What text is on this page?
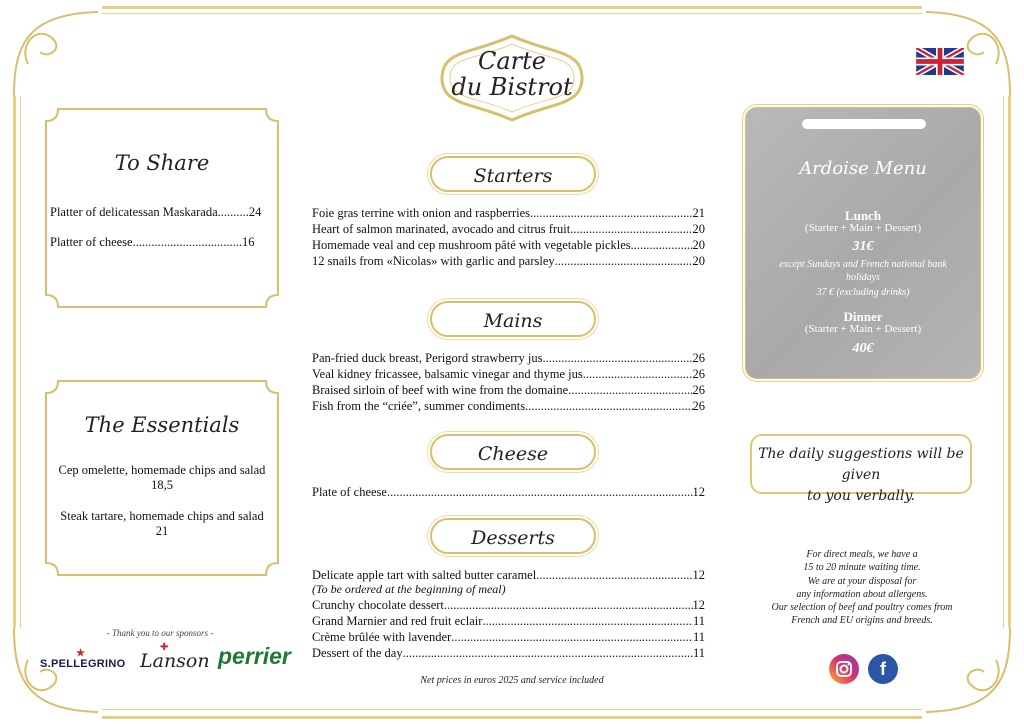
Carte
du Bistrot
To Share
Platter of delicatessan Maskarada..........24
Platter of cheese...................................16
The Essentials
Cep omelette, homemade chips and salad
18,5
Steak tartare, homemade chips and salad
21
Starters
Foie gras terrine with onion and raspberries .....	21
Heart of salmon marinated, avocado and citrus fruit .....	20
Homemade veal and cep mushroom pâté with vegetable pickles .....	20
12 snails from «Nicolas» with garlic and parsley .....	20
Mains
Pan-fried duck breast, Perigord strawberry jus .....	26
Veal kidney fricassee, balsamic vinegar and thyme jus .....	26
Braised sirloin of beef with wine from the domaine .....	26
Fish from the “criée”, summer condiments .....	26
Cheese
Plate of cheese .....	12
Desserts
Delicate apple tart with salted butter caramel .....	12
(To be ordered at the beginning of meal)
Crunchy chocolate dessert .....	12
Grand Marnier and red fruit eclair .....	11
Crème brûlée with lavender .....	11
Dessert of the day .....	11
Ardoise Menu
Lunch
(Starter + Main + Dessert)
31€
except Sundays and French national bank
holidays
37 € (excluding drinks)
Dinner
(Starter + Main + Dessert)
40€
The daily suggestions will be given
to you verbally.
For direct meals, we have a
15 to 20 minute waiting time.
We are at your disposal for
any information about allergens.
Our selection of beef and poultry comes from
French and EU origins and breeds.
Net prices in euros 2025 and service included
- Thank you to our sponsors -
★
S.PELLEGRINO
✚
Lanson perrier	f
